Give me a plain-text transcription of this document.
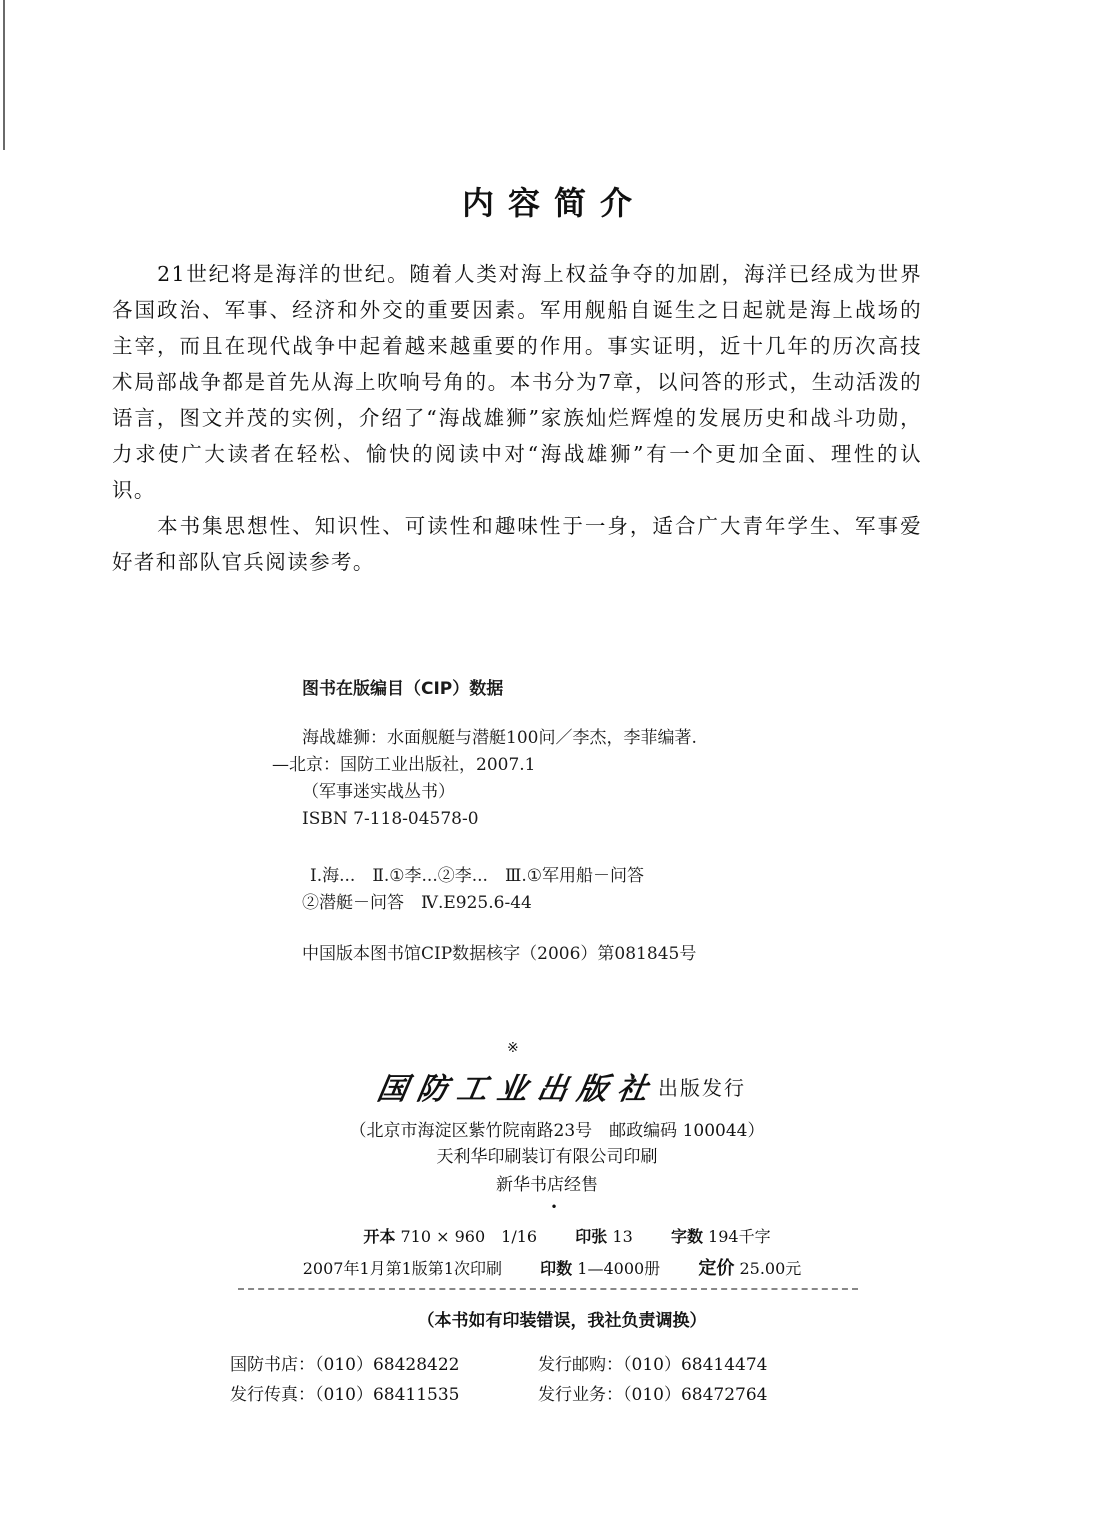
内容简介

21世纪将是海洋的世纪。随着人类对海上权益争夺的加剧，海洋已经成为世界各国政治、军事、经济和外交的重要因素。军用舰船自诞生之日起就是海上战场的主宰，而且在现代战争中起着越来越重要的作用。事实证明，近十几年的历次高技术局部战争都是首先从海上吹响号角的。本书分为7章，以问答的形式，生动活泼的语言，图文并茂的实例，介绍了“海战雄狮”家族灿烂辉煌的发展历史和战斗功勋，力求使广大读者在轻松、愉快的阅读中对“海战雄狮”有一个更加全面、理性的认识。

本书集思想性、知识性、可读性和趣味性于一身，适合广大青年学生、军事爱好者和部队官兵阅读参考。

图书在版编目（CIP）数据
海战雄狮：水面舰艇与潜艇100问／李杰，李菲编著.
—北京：国防工业出版社，2007.1
（军事迷实战丛书）
ISBN 7-118-04578-0
Ⅰ.海...　Ⅱ.①李...②李...　Ⅲ.①军用船－问答
②潜艇－问答　Ⅳ.E925.6-44
中国版本图书馆CIP数据核字（2006）第081845号
※
国防工业出版社出版发行
（北京市海淀区紫竹院南路23号　邮政编码 100044）
天利华印刷装订有限公司印刷
新华书店经售
•
开本 710 × 960　1/16 印张 13 字数 194千字
2007年1月第1版第1次印刷 印数 1—4000册 定价 25.00元
（本书如有印装错误，我社负责调换）
国防书店：（010）68428422	发行邮购：（010）68414474
发行传真：（010）68411535	发行业务：（010）68472764
